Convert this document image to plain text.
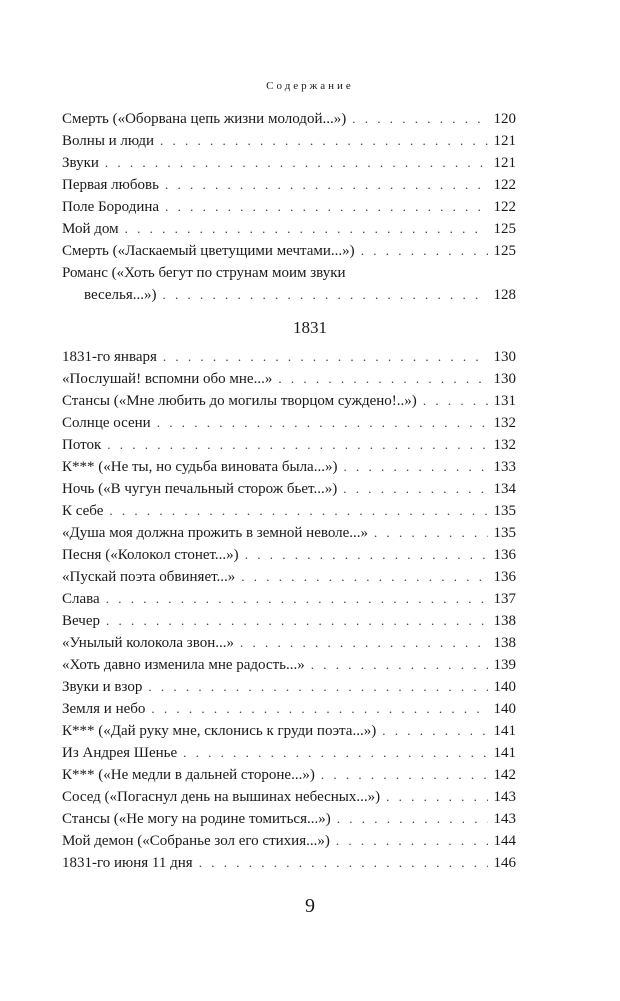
Содержание
Смерть («Оборвана цепь жизни молодой...») . . .	120
Волны и люди . . .	121
Звуки . . .	121
Первая любовь . . .	122
Поле Бородина . . .	122
Мой дом . . .	125
Смерть («Ласкаемый цветущими мечтами...») . . .	125
Романс («Хоть бегут по струнам моим звуки
веселья...») . . .	128
1831
1831-го января . . .	130
«Послушай! вспомни обо мне...» . . .	130
Стансы («Мне любить до могилы творцом суждено!..») . . .	131
Солнце осени . . .	132
Поток . . .	132
К*** («Не ты, но судьба виновата была...») . . .	133
Ночь («В чугун печальный сторож бьет...») . . .	134
К себе . . .	135
«Душа моя должна прожить в земной неволе...» . . .	135
Песня («Колокол стонет...») . . .	136
«Пускай поэта обвиняет...» . . .	136
Слава . . .	137
Вечер . . .	138
«Унылый колокола звон...» . . .	138
«Хоть давно изменила мне радость...» . . .	139
Звуки и взор . . .	140
Земля и небо . . .	140
К*** («Дай руку мне, склонись к груди поэта...») . . .	141
Из Андрея Шенье . . .	141
К*** («Не медли в дальней стороне...») . . .	142
Сосед («Погаснул день на вышинах небесных...») . . .	143
Стансы («Не могу на родине томиться...») . . .	143
Мой демон («Собранье зол его стихия...») . . .	144
1831-го июня 11 дня . . .	146
9
